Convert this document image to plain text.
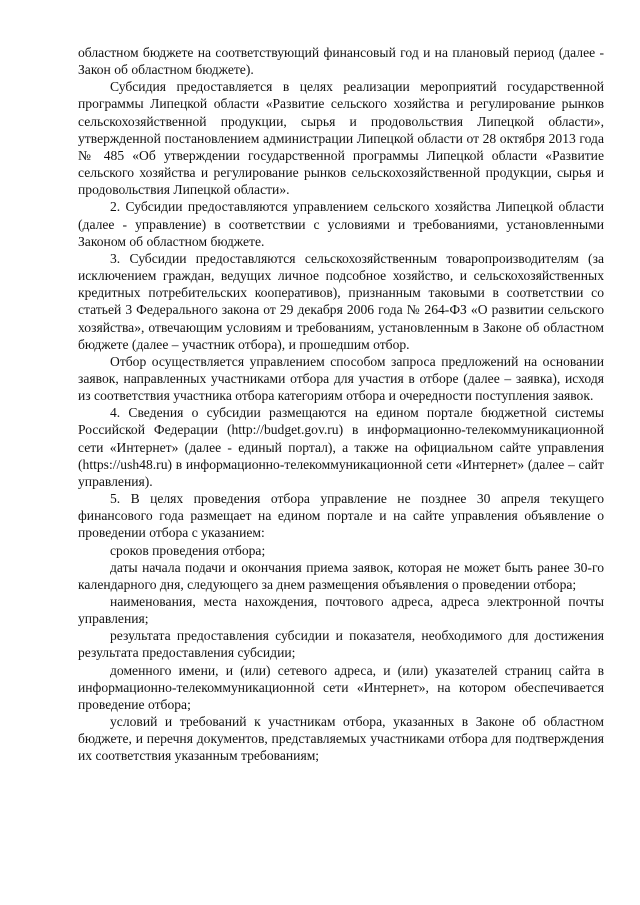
областном бюджете на соответствующий финансовый год и на плановый период (далее - Закон об областном бюджете).

Субсидия предоставляется в целях реализации мероприятий государственной программы Липецкой области «Развитие сельского хозяйства и регулирование рынков сельскохозяйственной продукции, сырья и продовольствия Липецкой области», утвержденной постановлением администрации Липецкой области от 28 октября 2013 года № 485 «Об утверждении государственной программы Липецкой области «Развитие сельского хозяйства и регулирование рынков сельскохозяйственной продукции, сырья и продовольствия Липецкой области».

2. Субсидии предоставляются управлением сельского хозяйства Липецкой области (далее - управление) в соответствии с условиями и требованиями, установленными Законом об областном бюджете.

3. Субсидии предоставляются сельскохозяйственным товаропроизводителям (за исключением граждан, ведущих личное подсобное хозяйство, и сельскохозяйственных кредитных потребительских кооперативов), признанным таковыми в соответствии со статьей 3 Федерального закона от 29 декабря 2006 года № 264-ФЗ «О развитии сельского хозяйства», отвечающим условиям и требованиям, установленным в Законе об областном бюджете (далее – участник отбора), и прошедшим отбор.

Отбор осуществляется управлением способом запроса предложений на основании заявок, направленных участниками отбора для участия в отборе (далее – заявка), исходя из соответствия участника отбора категориям отбора и очередности поступления заявок.

4. Сведения о субсидии размещаются на едином портале бюджетной системы Российской Федерации (http://budget.gov.ru) в информационно-телекоммуникационной сети «Интернет» (далее - единый портал), а также на официальном сайте управления (https://ush48.ru) в информационно-телекоммуникационной сети «Интернет» (далее – сайт управления).

5. В целях проведения отбора управление не позднее 30 апреля текущего финансового года размещает на едином портале и на сайте управления объявление о проведении отбора с указанием:

сроков проведения отбора;

даты начала подачи и окончания приема заявок, которая не может быть ранее 30-го календарного дня, следующего за днем размещения объявления о проведении отбора;

наименования, места нахождения, почтового адреса, адреса электронной почты управления;

результата предоставления субсидии и показателя, необходимого для достижения результата предоставления субсидии;

доменного имени, и (или) сетевого адреса, и (или) указателей страниц сайта в информационно-телекоммуникационной сети «Интернет», на котором обеспечивается проведение отбора;

условий и требований к участникам отбора, указанных в Законе об областном бюджете, и перечня документов, представляемых участниками отбора для подтверждения их соответствия указанным требованиям;
